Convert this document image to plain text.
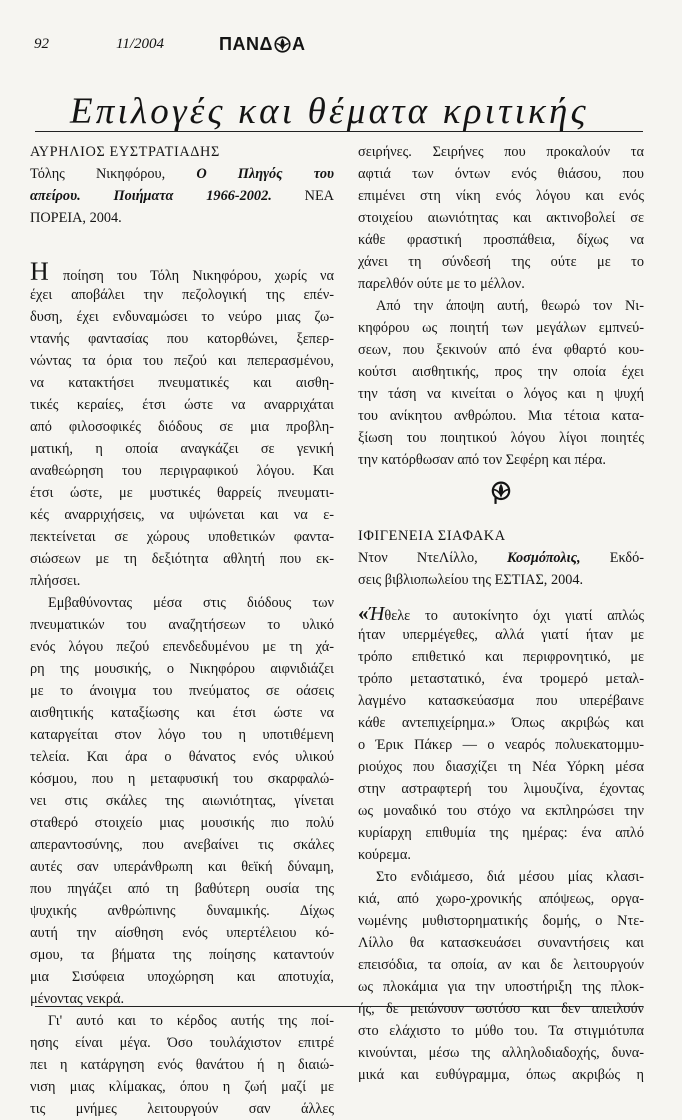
92	11/2004	ΠΑΝΔ Α
Επιλογές και θέματα κριτικής
ΑΥΡΗΛΙΟΣ ΕΥΣΤΡΑΤΙΑΔΗΣ
Τόλης Νικηφόρου, Ο Πληγός του
απείρου. Ποιήματα 1966-2002. ΝΕΑ
ΠΟΡΕΙΑ, 2004.
Η ποίηση του Τόλη Νικηφόρου, χωρίς να
έχει αποβάλει την πεζολογική της επέν-
δυση, έχει ενδυναμώσει το νεύρο μιας ζω-
ντανής φαντασίας που κατορθώνει, ξεπερ-
νώντας τα όρια του πεζού και πεπερασμένου,
να κατακτήσει πνευματικές και αισθη-
τικές κεραίες, έτσι ώστε να αναρριχάται
από φιλοσοφικές διόδους σε μια προβλη-
ματική, η οποία αναγκάζει σε γενική
αναθεώρηση του περιγραφικού λόγου. Και
έτσι ώστε, με μυστικές θαρρείς πνευματι-
κές αναρριχήσεις, να υψώνεται και να ε-
πεκτείνεται σε χώρους υποθετικών φαντα-
σιώσεων με τη δεξιότητα αθλητή που εκ-
πλήσσει.
Εμβαθύνοντας μέσα στις διόδους των
πνευματικών του αναζητήσεων το υλικό
ενός λόγου πεζού επενδεδυμένου με τη χά-
ρη της μουσικής, ο Νικηφόρου αιφνιδιάζει
με το άνοιγμα του πνεύματος σε οάσεις
αισθητικής καταξίωσης και έτσι ώστε να
καταργείται στον λόγο του η υποτιθέμενη
τελεία. Και άρα ο θάνατος ενός υλικού
κόσμου, που η μεταφυσική του σκαρφαλώ-
νει στις σκάλες της αιωνιότητας, γίνεται
σταθερό στοιχείο μιας μουσικής πιο πολύ
απεραντοσύνης, που ανεβαίνει τις σκάλες
αυτές σαν υπεράνθρωπη και θεϊκή δύναμη,
που πηγάζει από τη βαθύτερη ουσία της
ψυχικής ανθρώπινης δυναμικής. Δίχως
αυτή την αίσθηση ενός υπερτέλειου κό-
σμου, τα βήματα της ποίησης καταντούν
μια Σισύφεια υποχώρηση και αποτυχία,
μένοντας νεκρά.
Γι' αυτό και το κέρδος αυτής της ποί-
ησης είναι μέγα. Όσο τουλάχιστον επιτρέ
πει η κατάργηση ενός θανάτου ή η διαιώ-
νιση μιας κλίμακας, όπου η ζωή μαζί με
τις μνήμες λειτουργούν σαν άλλες
σειρήνες. Σειρήνες που προκαλούν τα
αφτιά των όντων ενός θιάσου, που
επιμένει στη νίκη ενός λόγου και ενός
στοιχείου αιωνιότητας και ακτινοβολεί σε
κάθε φραστική προσπάθεια, δίχως να
χάνει τη σύνδεσή της ούτε με το
παρελθόν ούτε με το μέλλον.
Από την άποψη αυτή, θεωρώ τον Νι-
κηφόρου ως ποιητή των μεγάλων εμπνεύ-
σεων, που ξεκινούν από ένα φθαρτό κου-
κούτσι αισθητικής, προς την οποία έχει
την τάση να κινείται ο λόγος και η ψυχή
του ανίκητου ανθρώπου. Μια τέτοια κατα-
ξίωση του ποιητικού λόγου λίγοι ποιητές
την κατόρθωσαν από τον Σεφέρη και πέρα.
ΙΦΙΓΕΝΕΙΑ ΣΙΑΦΑΚΑ
Ντον ΝτεΛίλλο, Κοσμόπολις, Εκδό-
σεις βιβλιοπωλείου της ΕΣΤΙΑΣ, 2004.
«Ήθελε το αυτοκίνητο όχι γιατί απλώς
ήταν υπερμέγεθες, αλλά γιατί ήταν με
τρόπο επιθετικό και περιφρονητικό, με
τρόπο μεταστατικό, ένα τρομερό μεταλ-
λαγμένο κατασκεύασμα που υπερέβαινε
κάθε αντεπιχείρημα.» Όπως ακριβώς και
ο Έρικ Πάκερ — ο νεαρός πολυεκατομμυ-
ριούχος που διασχίζει τη Νέα Υόρκη μέσα
στην αστραφτερή του λιμουζίνα, έχοντας
ως μοναδικό του στόχο να εκπληρώσει την
κυρίαρχη επιθυμία της ημέρας: ένα απλό
κούρεμα.
Στο ενδιάμεσο, διά μέσου μίας κλασι-
κιά, από χωρο-χρονικής απόψεως, οργα-
νωμένης μυθιστορηματικής δομής, ο Ντε-
Λίλλο θα κατασκευάσει συναντήσεις και
επεισόδια, τα οποία, αν και δε λειτουργούν
ως πλοκάμια για την υποστήριξη της πλοκ-
ής, δε μειώνουν ωστόσο και δεν απειλούν
στο ελάχιστο το μύθο του. Τα στιγμιότυπα
κινούνται, μέσω της αλληλοδιαδοχής, δυνα-
μικά και ευθύγραμμα, όπως ακριβώς η
